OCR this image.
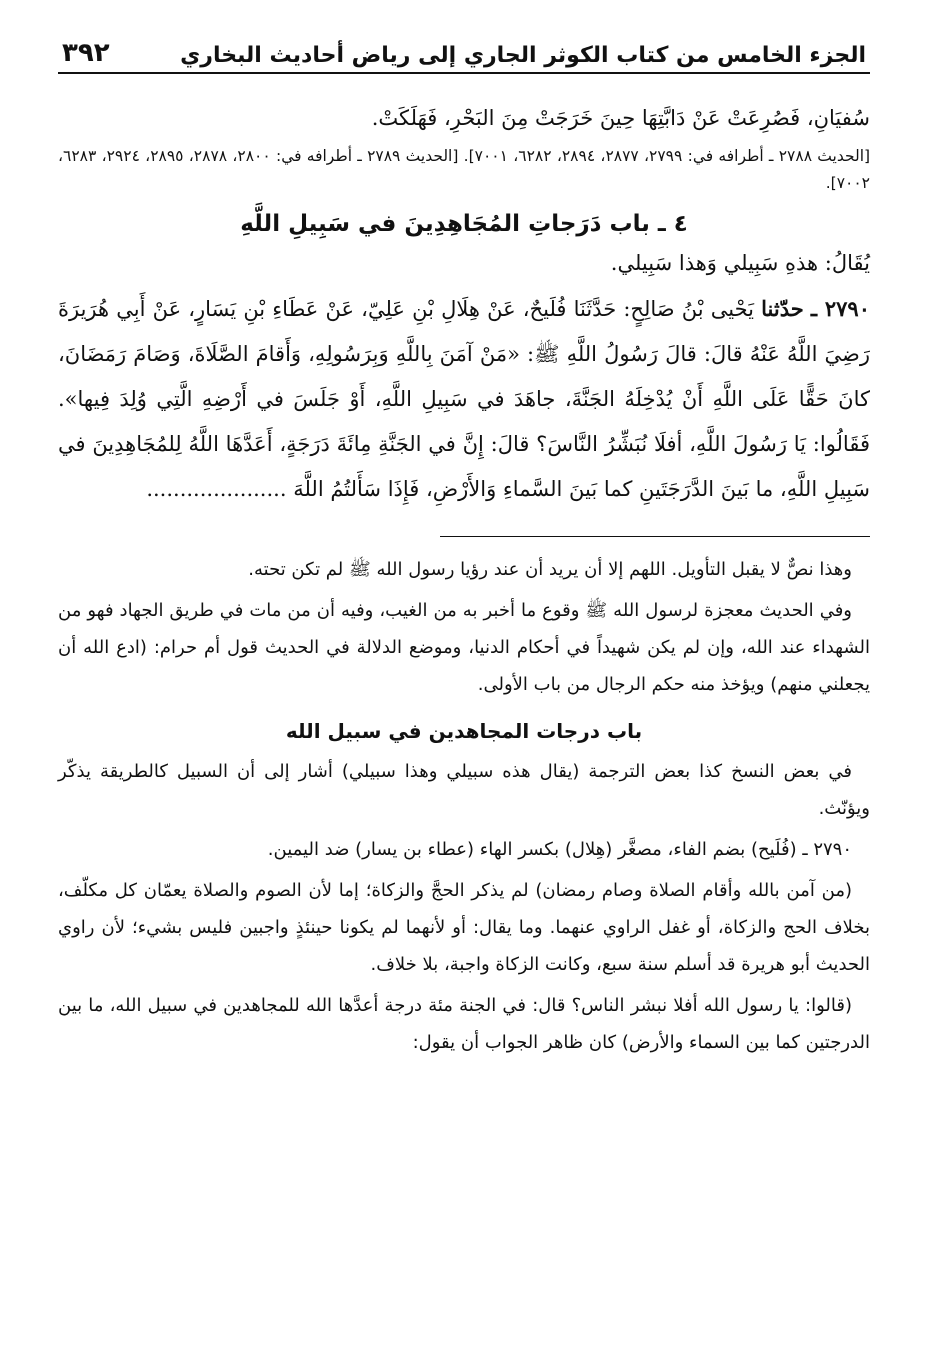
الجزء الخامس من كتاب الكوثر الجاري إلى رياض أحاديث البخاري
٣٩٢

سُفيَانِ، فَصُرِعَتْ عَنْ دَابَّتِهَا حِينَ خَرَجَتْ مِنَ البَحْرِ، فَهَلَكَتْ.

[الحديث ٢٧٨٨ ـ أطرافه في: ٢٧٩٩، ٢٨٧٧، ٢٨٩٤، ٦٢٨٢، ٧٠٠١]. [الحديث ٢٧٨٩ ـ أطرافه في: ٢٨٠٠، ٢٨٧٨، ٢٨٩٥، ٢٩٢٤، ٦٢٨٣، ٧٠٠٢].

٤ ـ باب دَرَجاتِ المُجَاهِدِينَ في سَبِيلِ اللَّهِ

يُقَالُ: هذهِ سَبِيلي وَهذا سَبِيلي.

٢٧٩٠ ـ حدّثنا يَحْيى بْنُ صَالِحٍ: حَدَّثَنَا فُلَيحٌ، عَنْ هِلَالِ بْنِ عَلِيّ، عَنْ عَطَاءِ بْنِ يَسَارٍ، عَنْ أَبِي هُرَيرَةَ رَضِيَ اللَّهُ عَنْهُ قالَ: قالَ رَسُولُ اللَّهِ ﷺ: «مَنْ آمَنَ بِاللَّهِ وَبِرَسُولِهِ، وَأَقامَ الصَّلَاةَ، وَصَامَ رَمَضَانَ، كانَ حَقًّا عَلَى اللَّهِ أَنْ يُدْخِلَهُ الجَنَّةَ، جاهَدَ في سَبِيلِ اللَّهِ، أَوْ جَلَسَ في أَرْضِهِ الَّتِي وُلِدَ فِيها». فَقَالُوا: يَا رَسُولَ اللَّهِ، أفلَا نُبَشِّرُ النَّاسَ؟ قالَ: إِنَّ في الجَنَّةِ مِائَةَ دَرَجَةٍ، أَعَدَّهَا اللَّهُ لِلمُجَاهِدِينَ في سَبِيلِ اللَّهِ، ما بَينَ الدَّرَجَتَينِ كما بَينَ السَّماءِ وَالأَرْضِ، فَإِذَا سَأَلتُمُ اللَّهَ .....................

وهذا نصٌّ لا يقبل التأويل. اللهم إلا أن يريد أن عند رؤيا رسول الله ﷺ لم تكن تحته.

وفي الحديث معجزة لرسول الله ﷺ وقوع ما أخبر به من الغيب، وفيه أن من مات في طريق الجهاد فهو من الشهداء عند الله، وإن لم يكن شهيداً في أحكام الدنيا، وموضع الدلالة في الحديث قول أم حرام: (ادع الله أن يجعلني منهم) ويؤخذ منه حكم الرجال من باب الأولى.

باب درجات المجاهدين في سبيل الله

في بعض النسخ كذا بعض الترجمة (يقال هذه سبيلي وهذا سبيلي) أشار إلى أن السبيل كالطريقة يذكّر ويؤنّث.

٢٧٩٠ ـ (فُلَيح) بضم الفاء، مصغَّر (هِلال) بكسر الهاء (عطاء بن يسار) ضد اليمين.

(من آمن بالله وأقام الصلاة وصام رمضان) لم يذكر الحجَّ والزكاة؛ إما لأن الصوم والصلاة يعمّان كل مكلّف، بخلاف الحج والزكاة، أو غفل الراوي عنهما. وما يقال: أو لأنهما لم يكونا حينئذٍ واجبين فليس بشيء؛ لأن راوي الحديث أبو هريرة قد أسلم سنة سبع، وكانت الزكاة واجبة، بلا خلاف.

(قالوا: يا رسول الله أفلا نبشر الناس؟ قال: في الجنة مئة درجة أعدَّها الله للمجاهدين في سبيل الله، ما بين الدرجتين كما بين السماء والأرض) كان ظاهر الجواب أن يقول:
